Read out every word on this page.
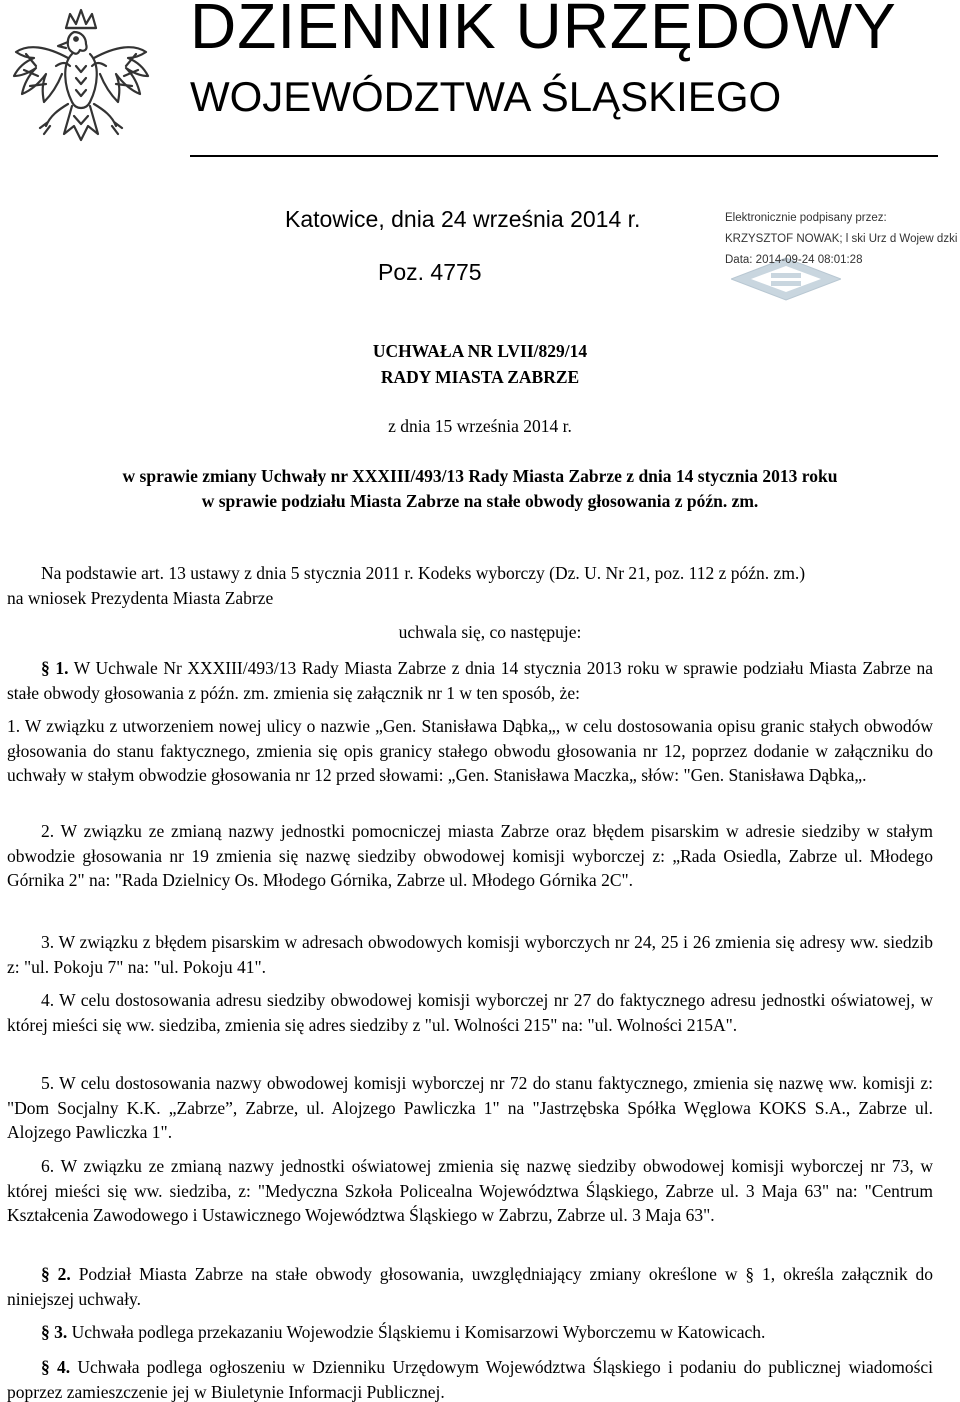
DZIENNIK URZĘDOWY
WOJEWÓDZTWA ŚLĄSKIEGO
Katowice, dnia 24 września 2014 r.
Poz. 4775
Elektronicznie podpisany przez:
KRZYSZTOF NOWAK; l ski Urz d Wojew dzki
Data: 2014-09-24 08:01:28
UCHWAŁA NR LVII/829/14
RADY MIASTA ZABRZE
z dnia 15 września 2014 r.
w sprawie zmiany Uchwały nr XXXIII/493/13 Rady Miasta Zabrze z dnia 14 stycznia 2013 roku
w sprawie podziału Miasta Zabrze na stałe obwody głosowania z późn. zm.
Na podstawie art. 13 ustawy z dnia 5 stycznia 2011 r. Kodeks wyborczy (Dz. U. Nr 21, poz. 112 z późn. zm.)
na wniosek Prezydenta Miasta Zabrze
uchwala się, co następuje:

§ 1. W Uchwale Nr XXXIII/493/13 Rady Miasta Zabrze z dnia 14 stycznia 2013 roku w sprawie podziału Miasta Zabrze na stałe obwody głosowania z późn. zm. zmienia się załącznik nr 1 w ten sposób, że:

1. W związku z utworzeniem nowej ulicy o nazwie „Gen. Stanisława Dąbka„, w celu dostosowania opisu granic stałych obwodów głosowania do stanu faktycznego, zmienia się opis granicy stałego obwodu głosowania nr 12, poprzez dodanie w załączniku do uchwały w stałym obwodzie głosowania nr 12 przed słowami: „Gen. Stanisława Maczka„ słów: "Gen. Stanisława Dąbka„.

2. W związku ze zmianą nazwy jednostki pomocniczej miasta Zabrze oraz błędem pisarskim w adresie siedziby w stałym obwodzie głosowania nr 19 zmienia się nazwę siedziby obwodowej komisji wyborczej z: „Rada Osiedla, Zabrze ul. Młodego Górnika 2" na: "Rada Dzielnicy Os. Młodego Górnika, Zabrze ul. Młodego Górnika 2C".

3. W związku z błędem pisarskim w adresach obwodowych komisji wyborczych nr 24, 25 i 26 zmienia się adresy ww. siedzib z: "ul. Pokoju 7" na: "ul. Pokoju 41".

4. W celu dostosowania adresu siedziby obwodowej komisji wyborczej nr 27 do faktycznego adresu jednostki oświatowej, w której mieści się ww. siedziba, zmienia się adres siedziby z "ul. Wolności 215" na: "ul. Wolności 215A".

5. W celu dostosowania nazwy obwodowej komisji wyborczej nr 72 do stanu faktycznego, zmienia się nazwę ww. komisji z: "Dom Socjalny K.K. „Zabrze”, Zabrze, ul. Alojzego Pawliczka 1" na "Jastrzębska Spółka Węglowa KOKS S.A., Zabrze ul. Alojzego Pawliczka 1".

6. W związku ze zmianą nazwy jednostki oświatowej zmienia się nazwę siedziby obwodowej komisji wyborczej nr 73, w której mieści się ww. siedziba, z: "Medyczna Szkoła Policealna Województwa Śląskiego, Zabrze ul. 3 Maja 63" na: "Centrum Kształcenia Zawodowego i Ustawicznego Województwa Śląskiego w Zabrzu, Zabrze ul. 3 Maja 63".

§ 2. Podział Miasta Zabrze na stałe obwody głosowania, uwzględniający zmiany określone w § 1, określa załącznik do niniejszej uchwały.

§ 3. Uchwała podlega przekazaniu Wojewodzie Śląskiemu i Komisarzowi Wyborczemu w Katowicach.

§ 4. Uchwała podlega ogłoszeniu w Dzienniku Urzędowym Województwa Śląskiego i podaniu do publicznej wiadomości poprzez zamieszczenie jej w Biuletynie Informacji Publicznej.
